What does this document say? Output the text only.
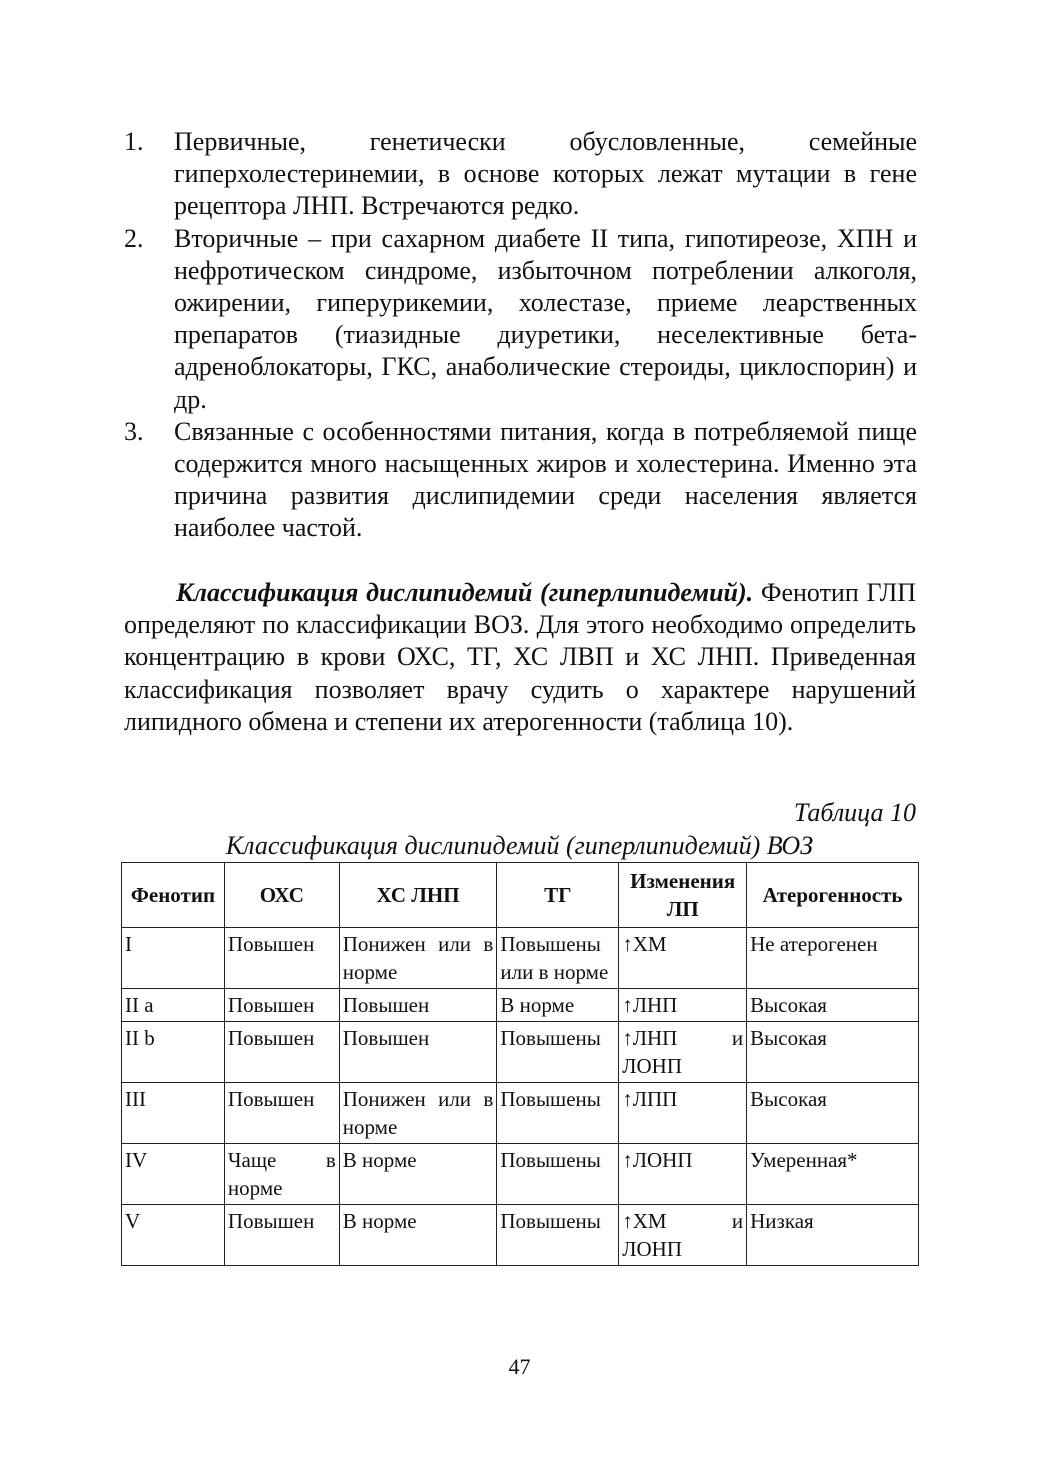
1. Первичные, генетически обусловленные, семейные гиперхолестеринемии, в основе которых лежат мутации в гене рецептора ЛНП. Встречаются редко.
2. Вторичные – при сахарном диабете II типа, гипотиреозе, ХПН и нефротическом синдроме, избыточном потреблении алкоголя, ожирении, гиперурикемии, холестазе, приеме леарственных препаратов (тиазидные диуретики, неселективные бета-адреноблокаторы, ГКС, анаболические стероиды, циклоспорин) и др.
3. Связанные с особенностями питания, когда в потребляемой пище содержится много насыщенных жиров и холестерина. Именно эта причина развития дислипидемии среди населения является наиболее частой.

Классификация дислипидемий (гиперлипидемий). Фенотип ГЛП определяют по классификации ВОЗ. Для этого необходимо определить концентрацию в крови ОХС, ТГ, ХС ЛВП и ХС ЛНП. Приведенная классификация позволяет врачу судить о характере нарушений липидного обмена и степени их атерогенности (таблица 10).

Таблица 10
Классификация дислипидемий (гиперлипидемий) ВОЗ
Фенотип	ОХС	ХС ЛНП	ТГ	Изменения ЛП	Атерогенность
I	Повышен	Понижен или в норме	Повышены или в норме	↑ХМ	Не атерогенен
II a	Повышен	Повышен	В норме	↑ЛНП	Высокая
II b	Повышен	Повышен	Повышены	↑ЛНП и ЛОНП	Высокая
III	Повышен	Понижен или в норме	Повышены	↑ЛПП	Высокая
IV	Чаще в норме	В норме	Повышены	↑ЛОНП	Умеренная*
V	Повышен	В норме	Повышены	↑ХМ и ЛОНП	Низкая
47
